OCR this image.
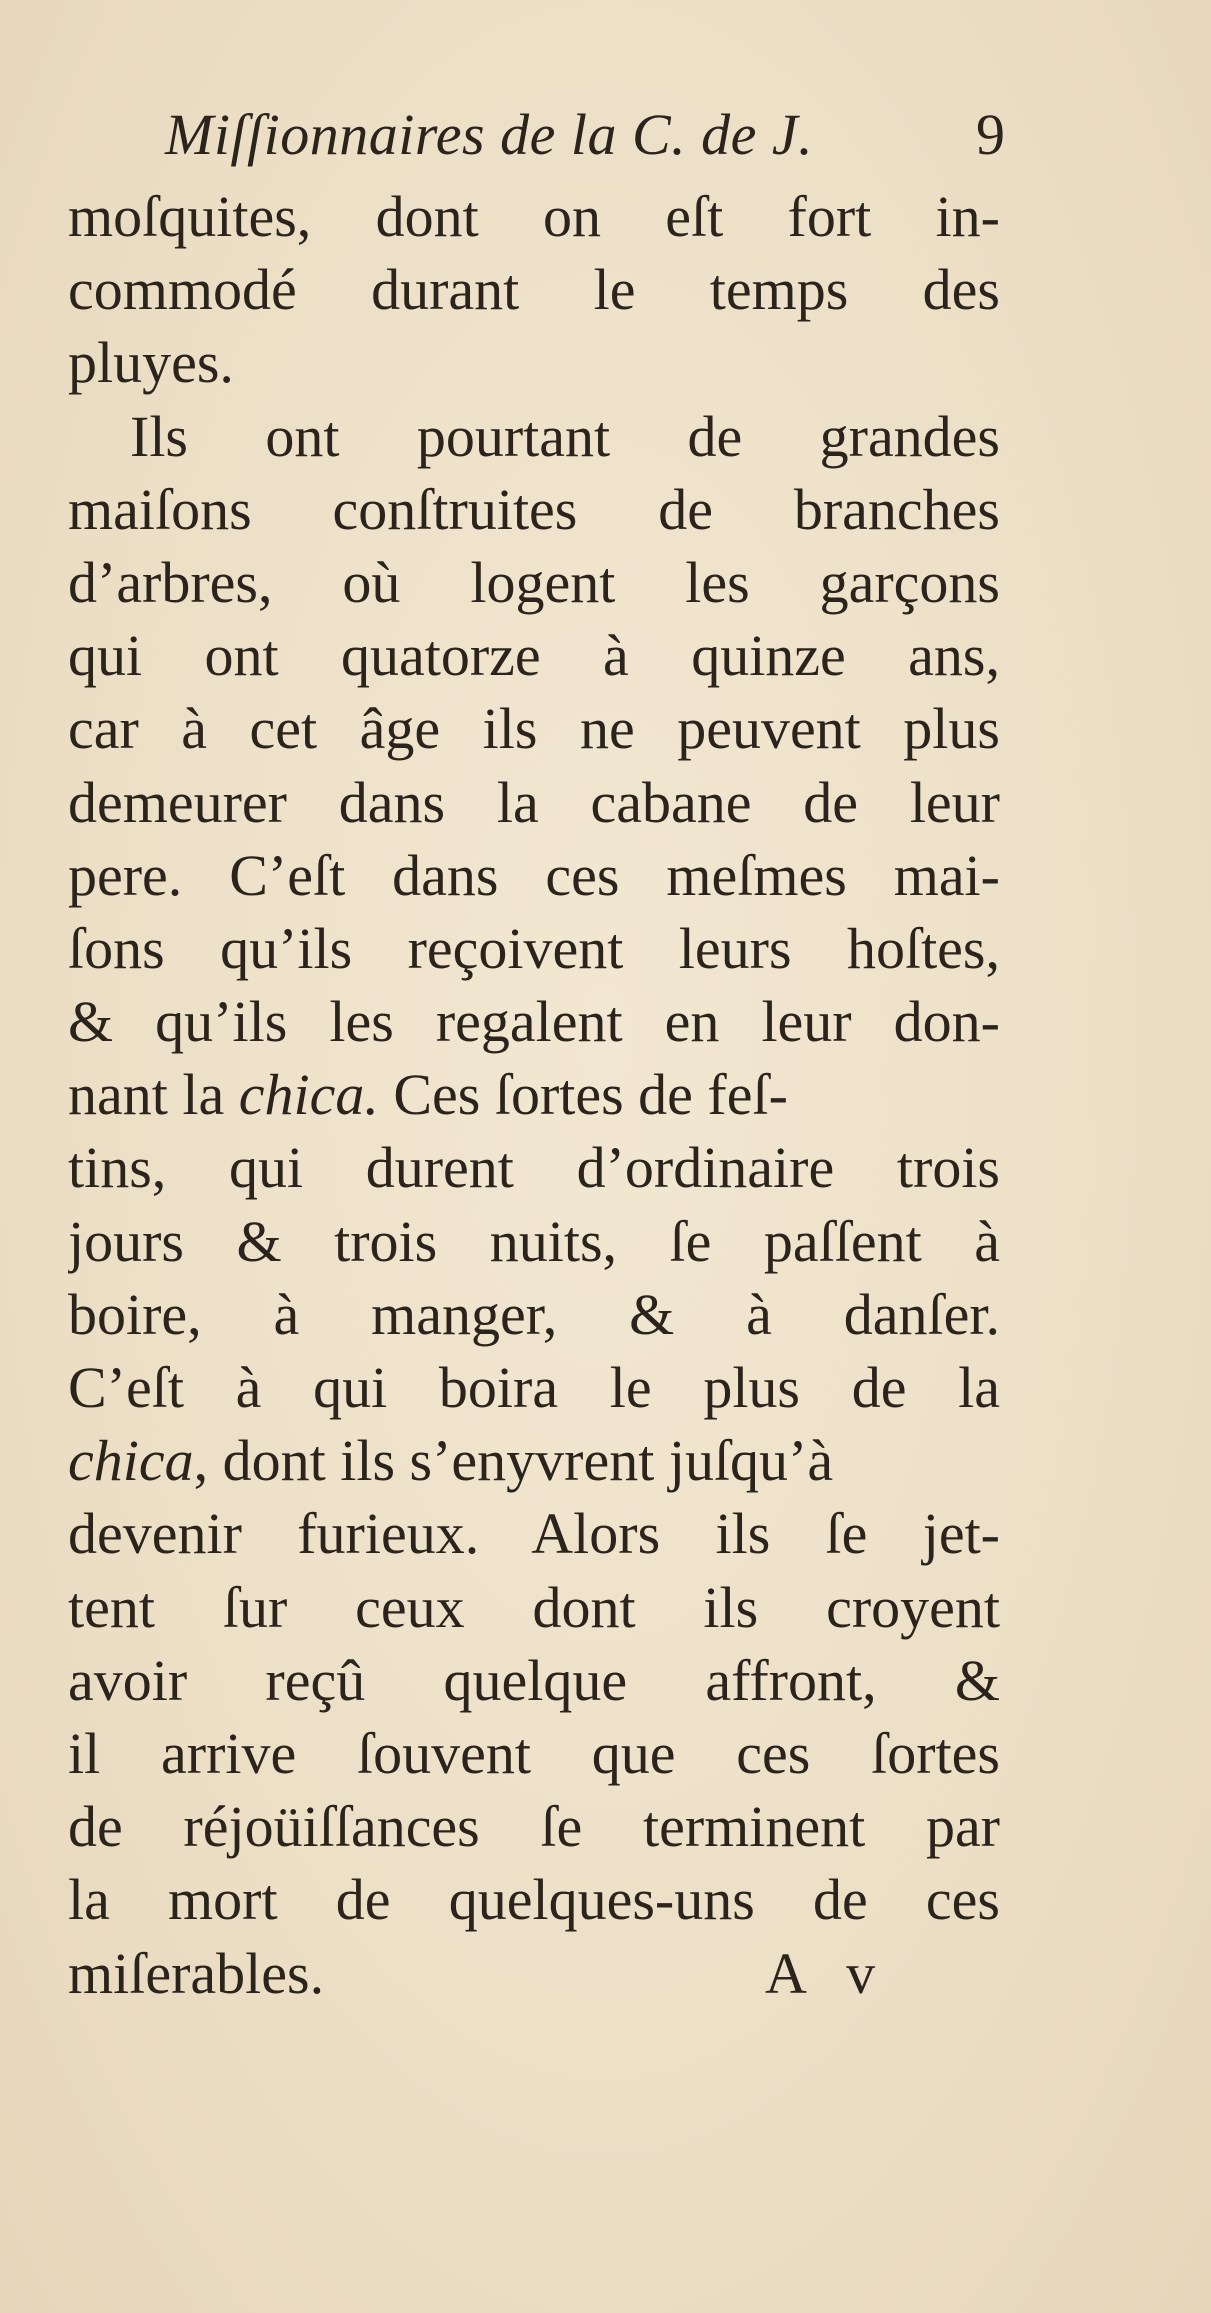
Miſſionnaires de la C. de J.	9
moſquites, dont on eſt fort in-
commodé durant le temps des
pluyes.
Ils ont pourtant de grandes
maiſons conſtruites de branches
d’arbres, où logent les garçons
qui ont quatorze à quinze ans,
car à cet âge ils ne peuvent plus
demeurer dans la cabane de leur
pere. C’eſt dans ces meſmes mai-
ſons qu’ils reçoivent leurs hoſtes,
& qu’ils les regalent en leur don-
nant la chica. Ces ſortes de feſ-
tins, qui durent d’ordinaire trois
jours & trois nuits, ſe paſſent à
boire, à manger, & à danſer.
C’eſt à qui boira le plus de la
chica, dont ils s’enyvrent juſqu’à
devenir furieux. Alors ils ſe jet-
tent ſur ceux dont ils croyent
avoir reçû quelque affront, &
il arrive ſouvent que ces ſortes
de réjoüiſſances ſe terminent par
la mort de quelques-uns de ces
miſerables.	A v
